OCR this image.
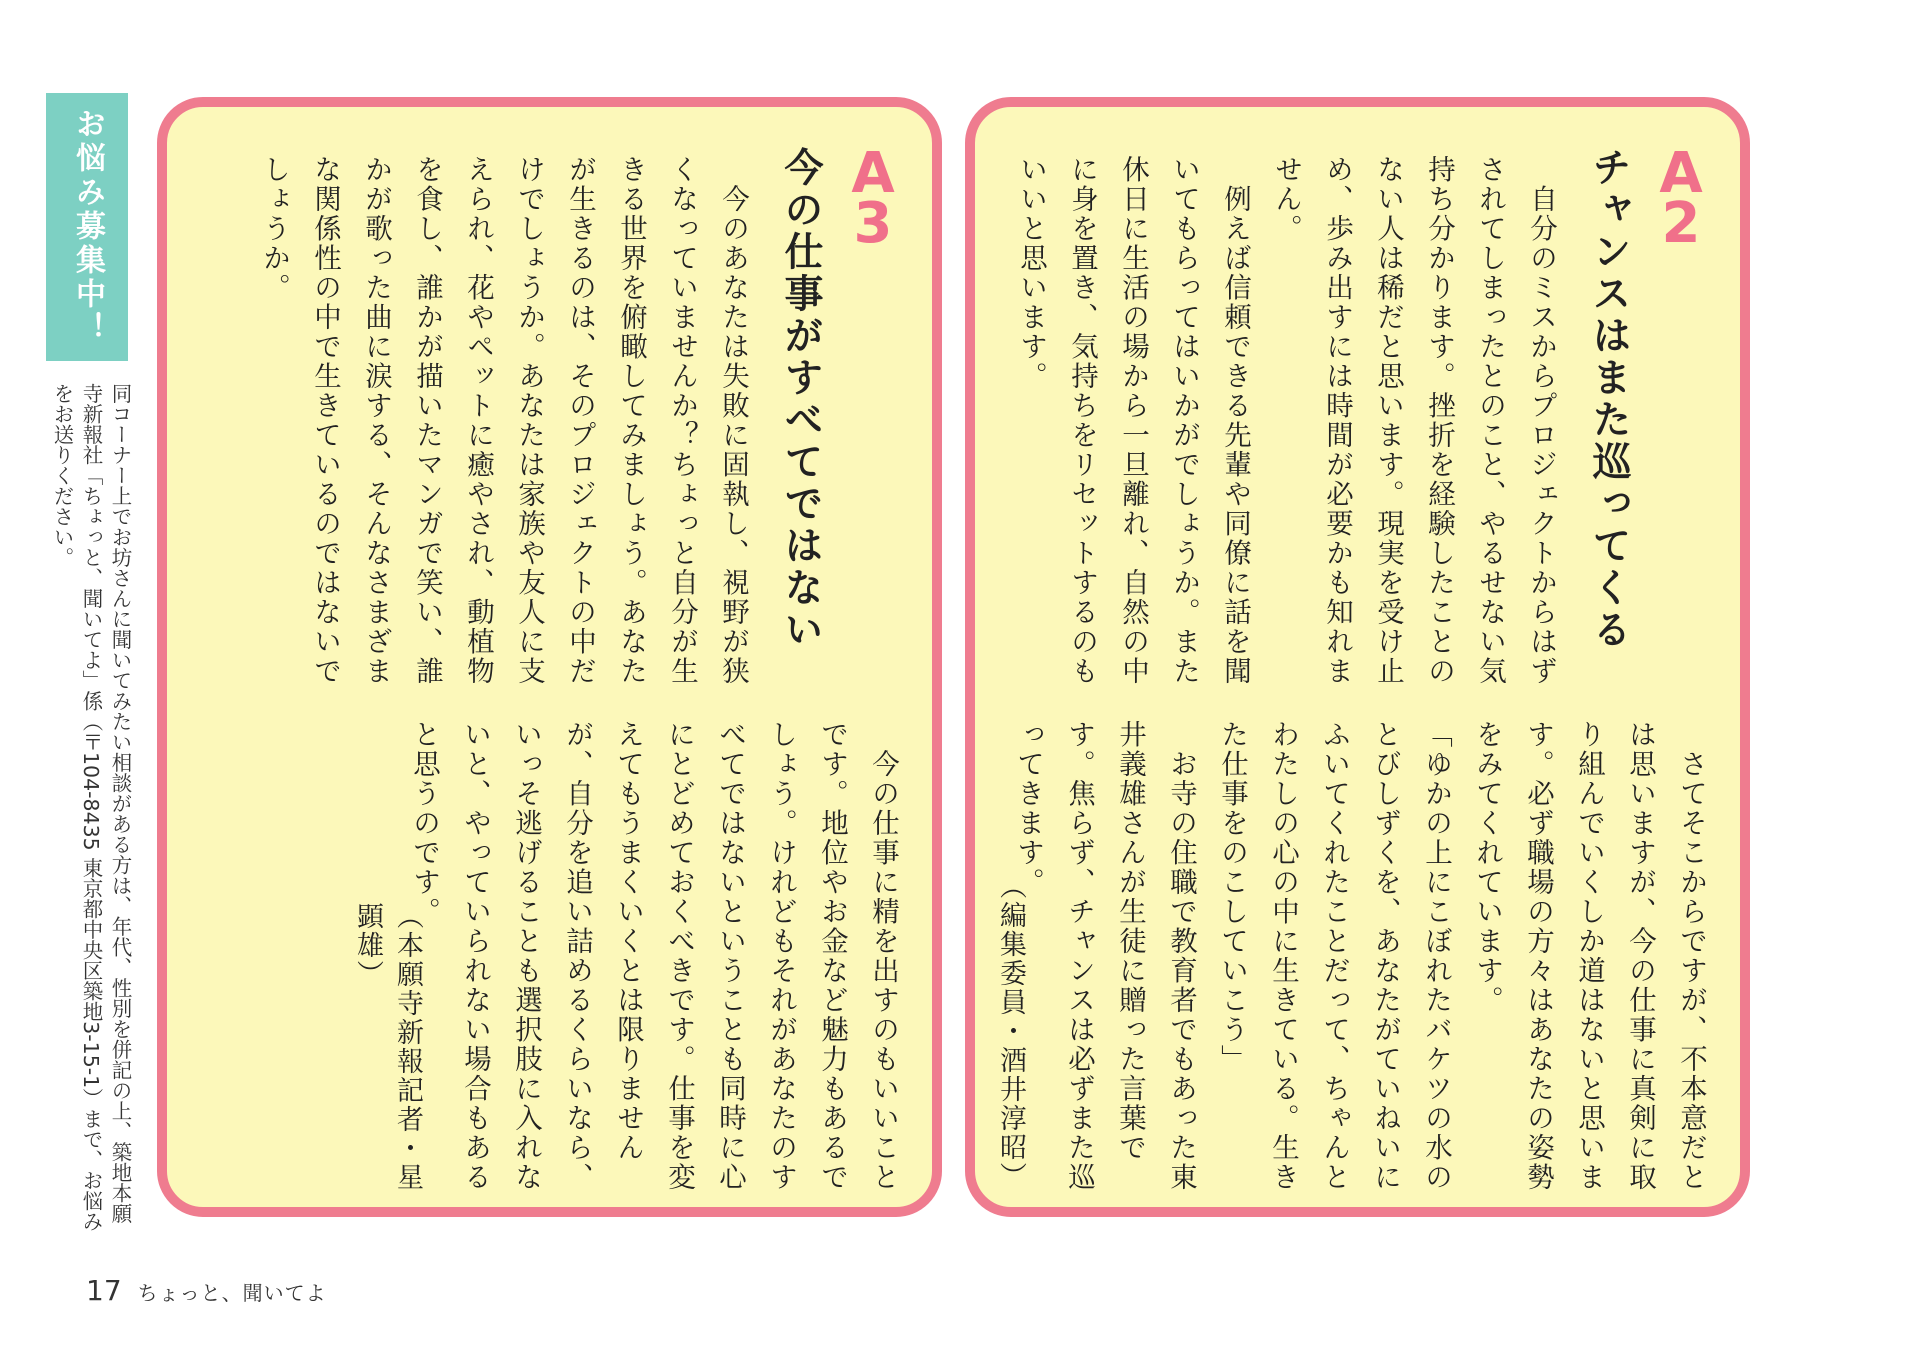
お悩み募集中！
同コーナー上でお坊さんに聞いてみたい相談がある方は、年代、性別を併記の上、築地本願寺新報社「ちょっと、聞いてよ」係（〒104-8435 東京都中央区築地3-15-1）まで、お悩みをお送りください。
A
3
今の仕事がすべてではない
　今のあなたは失敗に固執し、視野が狭くなっていませんか？ちょっと自分が生きる世界を俯瞰してみましょう。あなたが生きるのは、そのプロジェクトの中だけでしょうか。あなたは家族や友人に支えられ、花やペットに癒やされ、動植物を食し、誰かが描いたマンガで笑い、誰かが歌った曲に涙する、そんなさまざまな関係性の中で生きているのではないでしょうか。
　今の仕事に精を出すのもいいことです。地位やお金など魅力もあるでしょう。けれどもそれがあなたのすべてではないということも同時に心にとどめておくべきです。仕事を変えてもうまくいくとは限りませんが、自分を追い詰めるくらいなら、いっそ逃げることも選択肢に入れないと、やっていられない場合もあると思うのです。
（本願寺新報記者・星　顕雄）
A
2
チャンスはまた巡ってくる
　自分のミスからプロジェクトからはずされてしまったとのこと、やるせない気持ち分かります。挫折を経験したことのない人は稀だと思います。現実を受け止め、歩み出すには時間が必要かも知れません。
　例えば信頼できる先輩や同僚に話を聞いてもらってはいかがでしょうか。また休日に生活の場から一旦離れ、自然の中に身を置き、気持ちをリセットするのもいいと思います。
　さてそこからですが、不本意だとは思いますが、今の仕事に真剣に取り組んでいくしか道はないと思います。必ず職場の方々はあなたの姿勢をみてくれています。
「ゆかの上にこぼれたバケツの水のとびしずくを、あなたがていねいにふいてくれたことだって、ちゃんとわたしの心の中に生きている。生きた仕事をのこしていこう」
　お寺の住職で教育者でもあった東井義雄さんが生徒に贈った言葉です。焦らず、チャンスは必ずまた巡ってきます。
（編集委員・酒井淳昭）
17 ちょっと、聞いてよ
